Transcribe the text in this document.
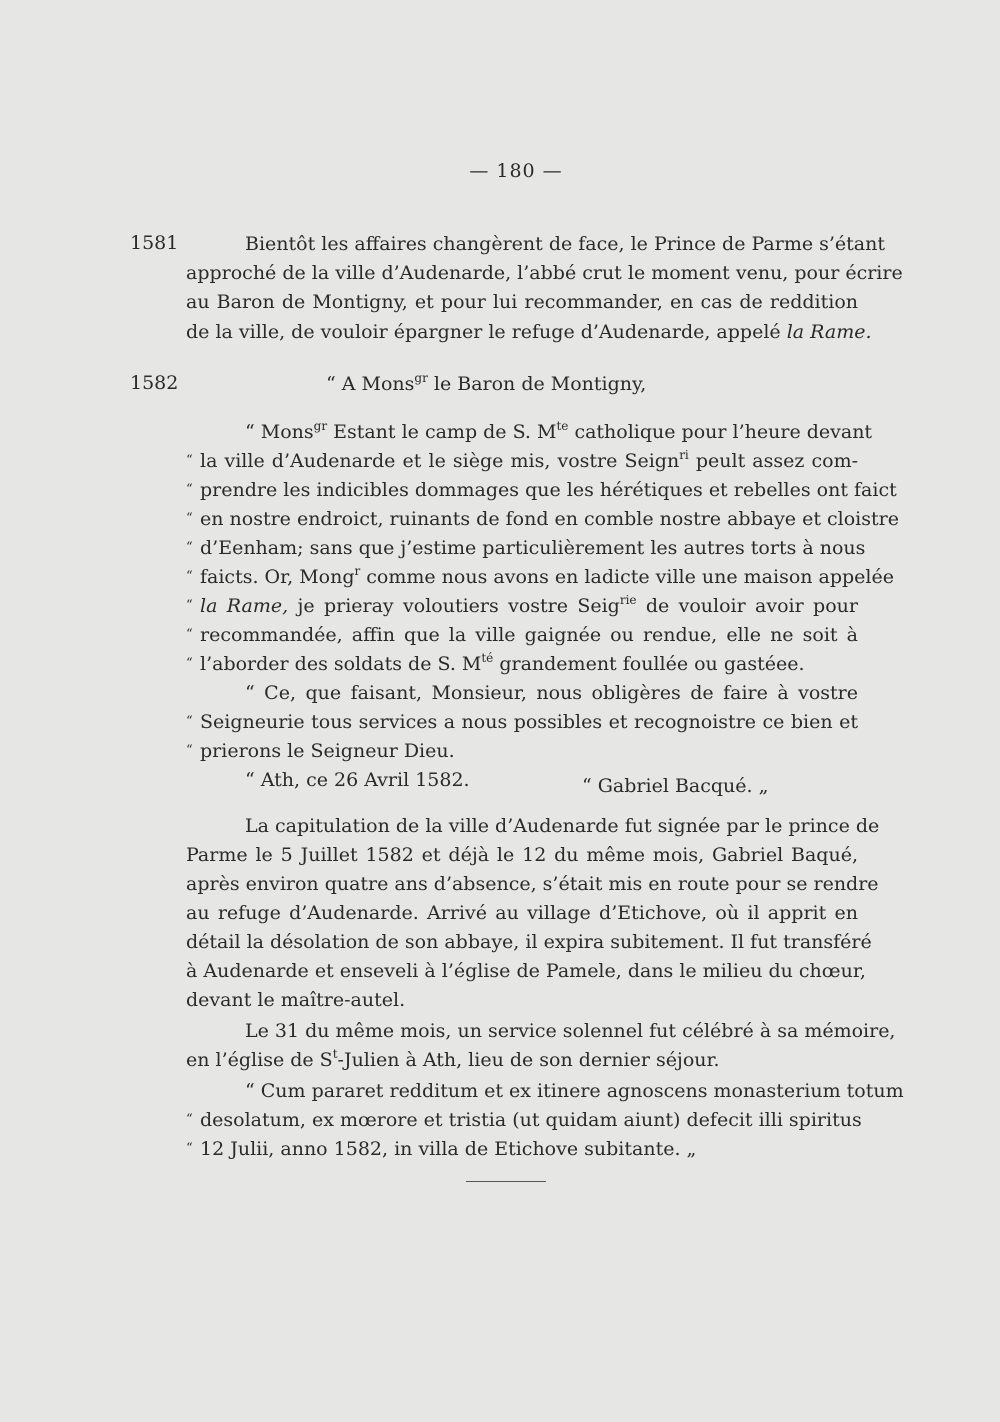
— 180 —
1581
1582
Bientôt les affaires changèrent de face, le Prince de Parme s’étant
approché de la ville d’Audenarde, l’abbé crut le moment venu, pour écrire
au Baron de Montigny, et pour lui recommander, en cas de reddition
de la ville, de vouloir épargner le refuge d’Audenarde, appelé la Rame.
“ A Mons$^{gr}$ le Baron de Montigny,
“ Mons$^{gr}$ Estant le camp de S. $M^{te}$ catholique pour l’heure devant
“ la ville d’Audenarde et le siège mis, vostre Seign$^{ri}$ peult assez com-
“ prendre les indicibles dommages que les hérétiques et rebelles ont faict
“ en nostre endroict, ruinants de fond en comble nostre abbaye et cloistre
“ d’Eenham; sans que j’estime particulièrement les autres torts à nous
“ faicts. Or, Mong$^r$ comme nous avons en ladicte ville une maison appelée
“ la Rame, je prieray voloutiers vostre Seig$^{rie}$ de vouloir avoir pour
“ recommandée, affin que la ville gaignée ou rendue, elle ne soit à
“ l’aborder des soldats de S. $M^{té}$ grandement foullée ou gastéee.
“ Ce, que faisant, Monsieur, nous obligères de faire à vostre
“ Seigneurie tous services a nous possibles et recognoistre ce bien et
“ prierons le Seigneur Dieu.
“ Ath, ce 26 Avril 1582.	“ Gabriel Bacqué. „
La capitulation de la ville d’Audenarde fut signée par le prince de
Parme le 5 Juillet 1582 et déjà le 12 du même mois, Gabriel Baqué,
après environ quatre ans d’absence, s’était mis en route pour se rendre
au refuge d’Audenarde. Arrivé au village d’Etichove, où il apprit en
détail la désolation de son abbaye, il expira subitement. Il fut transféré
à Audenarde et enseveli à l’église de Pamele, dans le milieu du chœur,
devant le maître-autel.
Le 31 du même mois, un service solennel fut célébré à sa mémoire,
en l’église de $S^t$-Julien à Ath, lieu de son dernier séjour.
“ Cum pararet redditum et ex itinere agnoscens monasterium totum
“ desolatum, ex mœrore et tristia (ut quidam aiunt) defecit illi spiritus
“ 12 Julii, anno 1582, in villa de Etichove subitante. „
